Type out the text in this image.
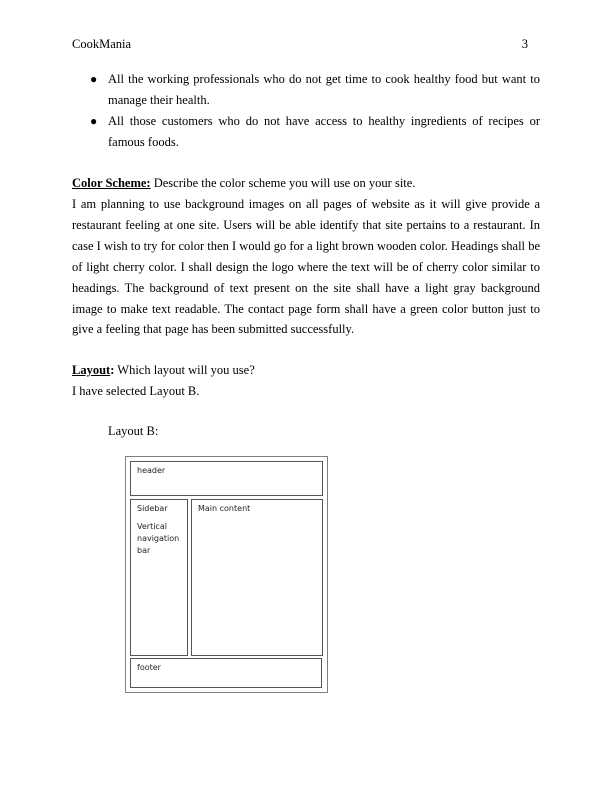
CookMania	3
● All the working professionals who do not get time to cook healthy food but want to manage their health.
● All those customers who do not have access to healthy ingredients of recipes or famous foods.

Color Scheme: Describe the color scheme you will use on your site.

I am planning to use background images on all pages of website as it will give provide a restaurant feeling at one site. Users will be able identify that site pertains to a restaurant. In case I wish to try for color then I would go for a light brown wooden color. Headings shall be of light cherry color. I shall design the logo where the text will be of cherry color similar to headings. The background of text present on the site shall have a light gray background image to make text readable. The contact page form shall have a green color button just to give a feeling that page has been submitted successfully.

Layout: Which layout will you use?

I have selected Layout B.

Layout B:
header
Sidebar
Vertical navigation bar
Main content
footer
